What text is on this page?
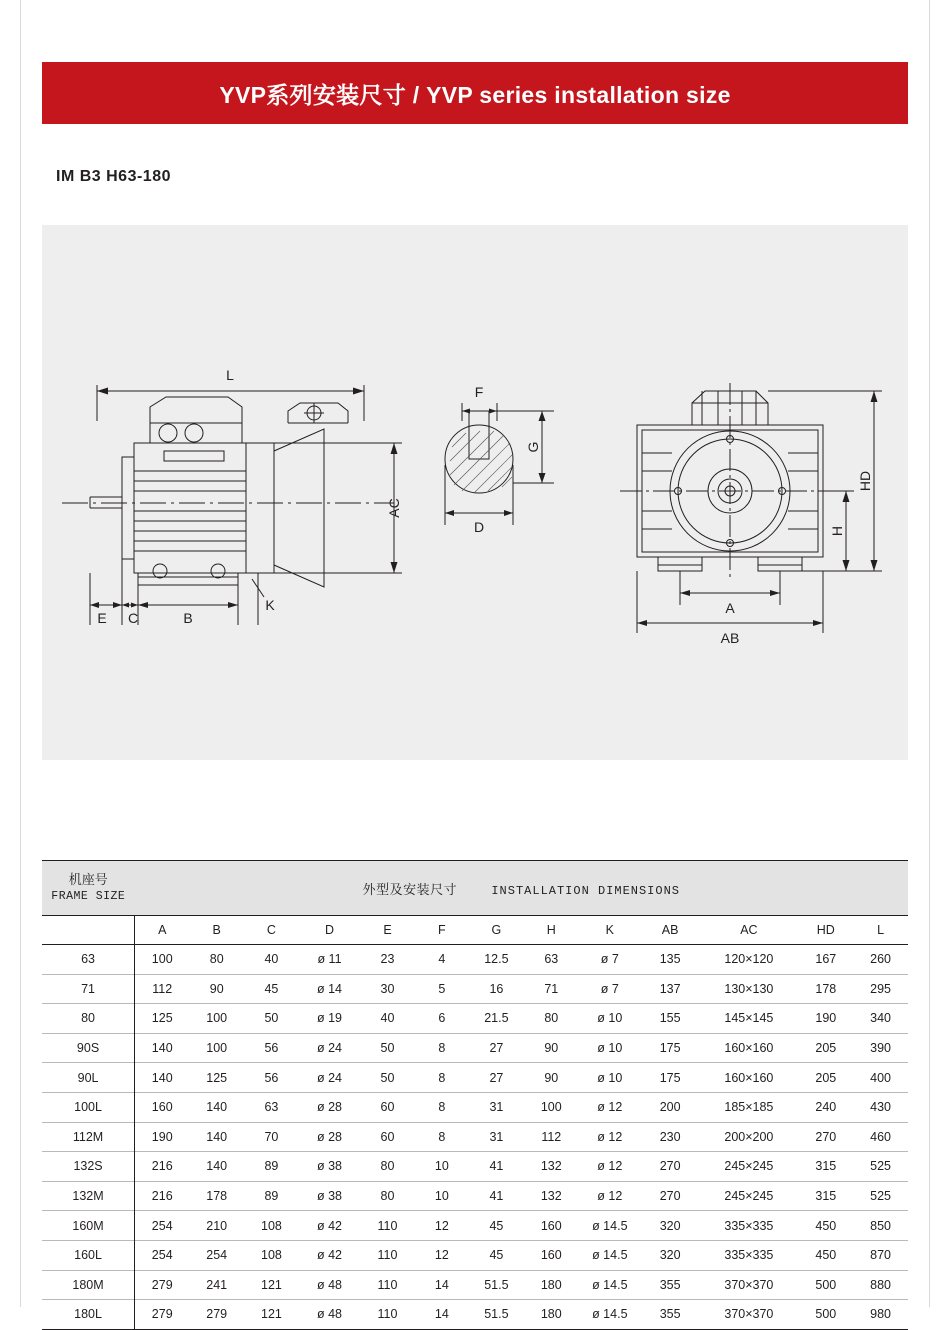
YVP系列安装尺寸 / YVP series installation size
IM B3 H63-180
L
AC
E C	B
K
F
D
G
HD
H
A
AB
机座号
FRAME SIZE	外型及安装尺寸 INSTALLATION DIMENSIONS												
	A	B	C	D	E	F	G	H	K	AB	AC	HD	L
63	100	80	40	ø 11	23	4	12.5	63	ø 7	135	120×120	167	260
71	112	90	45	ø 14	30	5	16	71	ø 7	137	130×130	178	295
80	125	100	50	ø 19	40	6	21.5	80	ø 10	155	145×145	190	340
90S	140	100	56	ø 24	50	8	27	90	ø 10	175	160×160	205	390
90L	140	125	56	ø 24	50	8	27	90	ø 10	175	160×160	205	400
100L	160	140	63	ø 28	60	8	31	100	ø 12	200	185×185	240	430
112M	190	140	70	ø 28	60	8	31	112	ø 12	230	200×200	270	460
132S	216	140	89	ø 38	80	10	41	132	ø 12	270	245×245	315	525
132M	216	178	89	ø 38	80	10	41	132	ø 12	270	245×245	315	525
160M	254	210	108	ø 42	110	12	45	160	ø 14.5	320	335×335	450	850
160L	254	254	108	ø 42	110	12	45	160	ø 14.5	320	335×335	450	870
180M	279	241	121	ø 48	110	14	51.5	180	ø 14.5	355	370×370	500	880
180L	279	279	121	ø 48	110	14	51.5	180	ø 14.5	355	370×370	500	980
